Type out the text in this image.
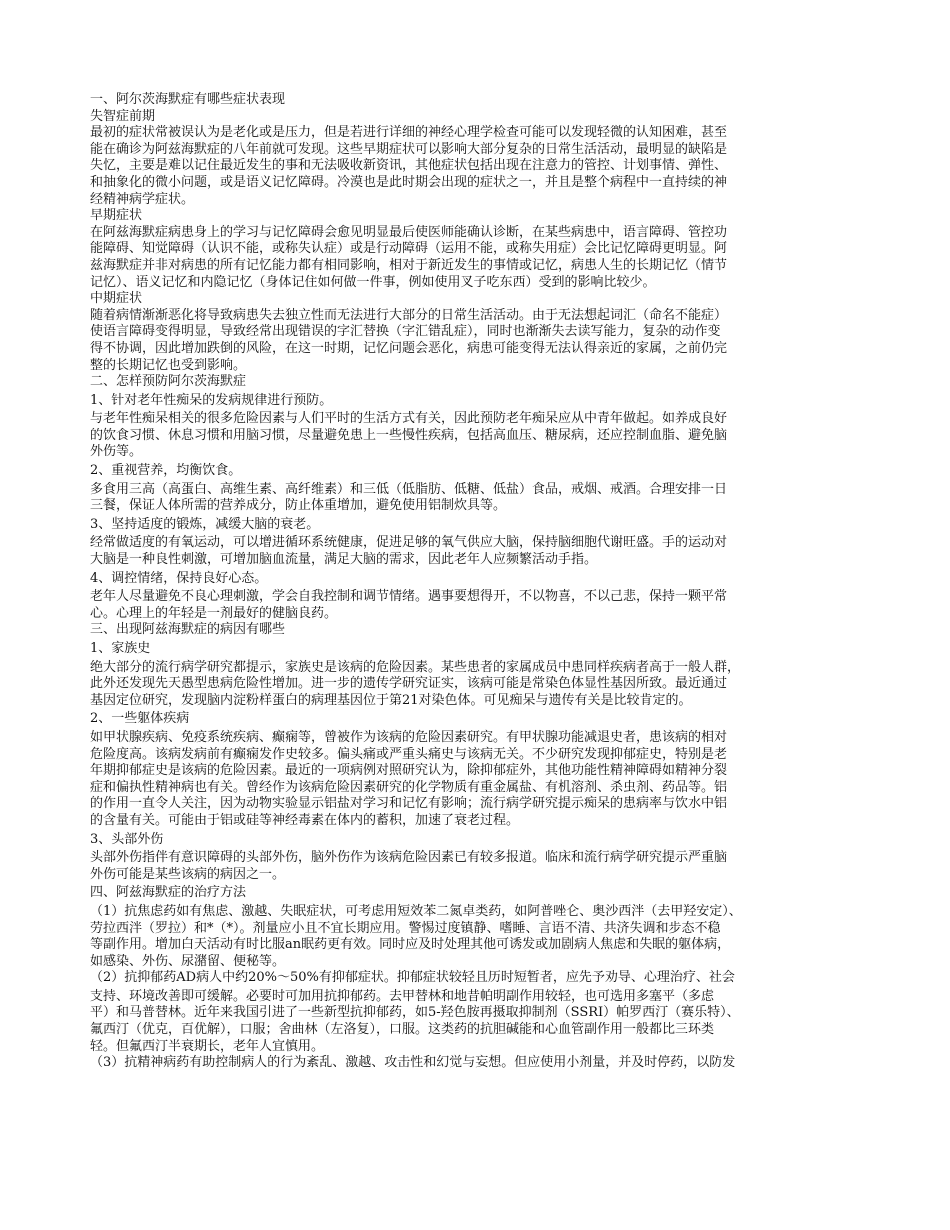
一、阿尔茨海默症有哪些症状表现
失智症前期
最初的症状常被误认为是老化或是压力，但是若进行详细的神经心理学检查可能可以发现轻微的认知困难，甚至
能在确诊为阿兹海默症的八年前就可发现。这些早期症状可以影响大部分复杂的日常生活活动，最明显的缺陷是
失忆，主要是难以记住最近发生的事和无法吸收新资讯，其他症状包括出现在注意力的管控、计划事情、弹性、
和抽象化的微小问题，或是语义记忆障碍。冷漠也是此时期会出现的症状之一，并且是整个病程中一直持续的神
经精神病学症状。
早期症状
在阿兹海默症病患身上的学习与记忆障碍会愈见明显最后使医师能确认诊断，在某些病患中，语言障碍、管控功
能障碍、知觉障碍（认识不能，或称失认症）或是行动障碍（运用不能，或称失用症）会比记忆障碍更明显。阿
兹海默症并非对病患的所有记忆能力都有相同影响，相对于新近发生的事情或记忆，病患人生的长期记忆（情节
记忆）、语义记忆和内隐记忆（身体记住如何做一件事，例如使用叉子吃东西）受到的影响比较少。
中期症状
随着病情渐渐恶化将导致病患失去独立性而无法进行大部分的日常生活活动。由于无法想起词汇（命名不能症）
使语言障碍变得明显，导致经常出现错误的字汇替换（字汇错乱症），同时也渐渐失去读写能力，复杂的动作变
得不协调，因此增加跌倒的风险，在这一时期，记忆问题会恶化，病患可能变得无法认得亲近的家属，之前仍完
整的长期记忆也受到影响。
二、怎样预防阿尔茨海默症
1、针对老年性痴呆的发病规律进行预防。
与老年性痴呆相关的很多危险因素与人们平时的生活方式有关，因此预防老年痴呆应从中青年做起。如养成良好
的饮食习惯、休息习惯和用脑习惯，尽量避免患上一些慢性疾病，包括高血压、糖尿病，还应控制血脂、避免脑
外伤等。
2、重视营养，均衡饮食。
多食用三高（高蛋白、高维生素、高纤维素）和三低（低脂肪、低糖、低盐）食品，戒烟、戒酒。合理安排一日
三餐，保证人体所需的营养成分，防止体重增加，避免使用铝制炊具等。
3、坚持适度的锻炼，减缓大脑的衰老。
经常做适度的有氧运动，可以增进循环系统健康，促进足够的氧气供应大脑，保持脑细胞代谢旺盛。手的运动对
大脑是一种良性刺激，可增加脑血流量，满足大脑的需求，因此老年人应频繁活动手指。
4、调控情绪，保持良好心态。
老年人尽量避免不良心理刺激，学会自我控制和调节情绪。遇事要想得开，不以物喜，不以己悲，保持一颗平常
心。心理上的年轻是一剂最好的健脑良药。
三、出现阿兹海默症的病因有哪些
1、家族史
绝大部分的流行病学研究都提示，家族史是该病的危险因素。某些患者的家属成员中患同样疾病者高于一般人群，
此外还发现先天愚型患病危险性增加。进一步的遗传学研究证实，该病可能是常染色体显性基因所致。最近通过
基因定位研究，发现脑内淀粉样蛋白的病理基因位于第21对染色体。可见痴呆与遗传有关是比较肯定的。
2、一些躯体疾病
如甲状腺疾病、免疫系统疾病、癫痫等，曾被作为该病的危险因素研究。有甲状腺功能减退史者，患该病的相对
危险度高。该病发病前有癫痫发作史较多。偏头痛或严重头痛史与该病无关。不少研究发现抑郁症史，特别是老
年期抑郁症史是该病的危险因素。最近的一项病例对照研究认为，除抑郁症外，其他功能性精神障碍如精神分裂
症和偏执性精神病也有关。曾经作为该病危险因素研究的化学物质有重金属盐、有机溶剂、杀虫剂、药品等。铝
的作用一直令人关注，因为动物实验显示铝盐对学习和记忆有影响；流行病学研究提示痴呆的患病率与饮水中铝
的含量有关。可能由于铝或硅等神经毒素在体内的蓄积，加速了衰老过程。
3、头部外伤
头部外伤指伴有意识障碍的头部外伤，脑外伤作为该病危险因素已有较多报道。临床和流行病学研究提示严重脑
外伤可能是某些该病的病因之一。
四、阿兹海默症的治疗方法
（1）抗焦虑药如有焦虑、激越、失眠症状，可考虑用短效苯二氮卓类药，如阿普唑仑、奥沙西泮（去甲羟安定）、
劳拉西泮（罗拉）和*（*）。剂量应小且不宜长期应用。警惕过度镇静、嗜睡、言语不清、共济失调和步态不稳
等副作用。增加白天活动有时比服an眠药更有效。同时应及时处理其他可诱发或加剧病人焦虑和失眠的躯体病，
如感染、外伤、尿潴留、便秘等。
（2）抗抑郁药AD病人中约20%～50%有抑郁症状。抑郁症状较轻且历时短暂者，应先予劝导、心理治疗、社会
支持、环境改善即可缓解。必要时可加用抗抑郁药。去甲替林和地昔帕明副作用较轻，也可选用多塞平（多虑
平）和马普替林。近年来我国引进了一些新型抗抑郁药，如5-羟色胺再摄取抑制剂（SSRI）帕罗西汀（赛乐特）、
氟西汀（优克，百优解），口服；舍曲林（左洛复），口服。这类药的抗胆碱能和心血管副作用一般都比三环类
轻。但氟西汀半衰期长，老年人宜慎用。
（3）抗精神病药有助控制病人的行为紊乱、激越、攻击性和幻觉与妄想。但应使用小剂量，并及时停药，以防发
